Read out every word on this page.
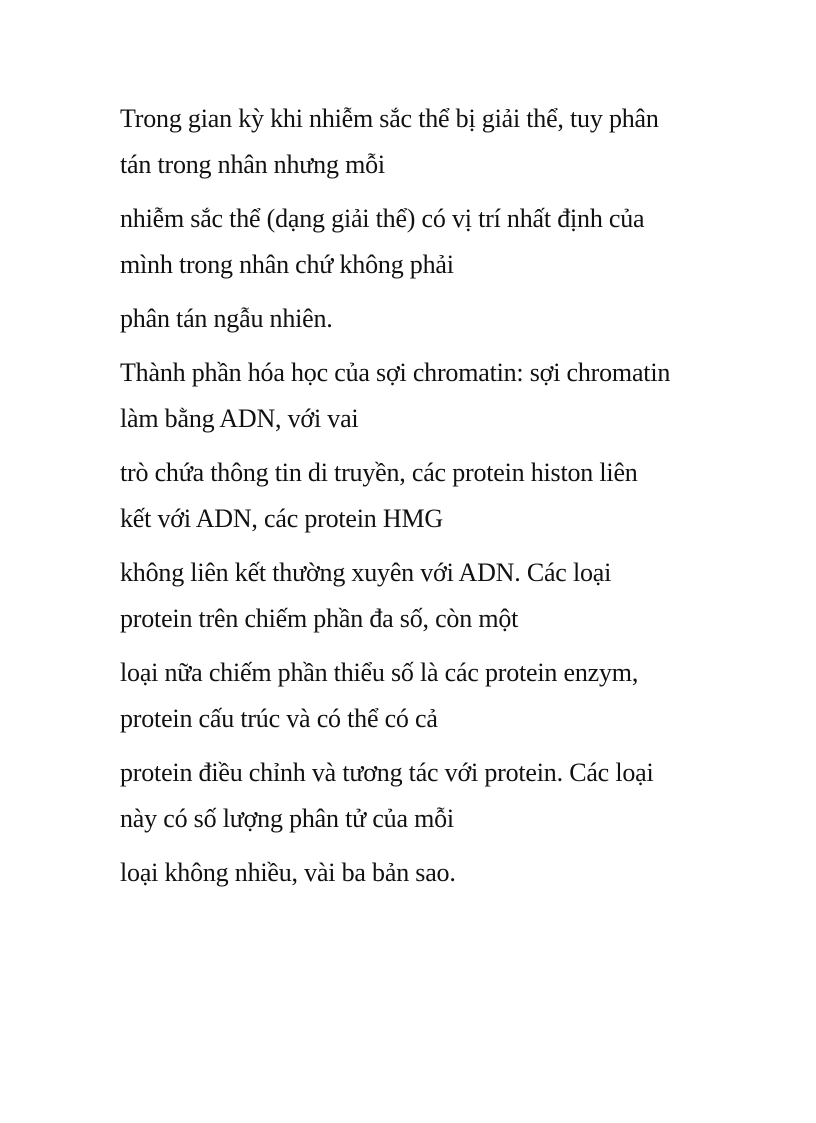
Trong gian kỳ khi nhiễm sắc thể bị giải thể, tuy phân
tán trong nhân nhưng mỗi

nhiễm sắc thể (dạng giải thể) có vị trí nhất định của
mình trong nhân chứ không phải

phân tán ngẫu nhiên.

Thành phần hóa học của sợi chromatin: sợi chromatin
làm bằng ADN, với vai

trò chứa thông tin di truyền, các protein histon liên
kết với ADN, các protein HMG

không liên kết thường xuyên với ADN. Các loại
protein trên chiếm phần đa số, còn một

loại nữa chiếm phần thiểu số là các protein enzym,
protein cấu trúc và có thể có cả

protein điều chỉnh và tương tác với protein. Các loại
này có số lượng phân tử của mỗi

loại không nhiều, vài ba bản sao.
